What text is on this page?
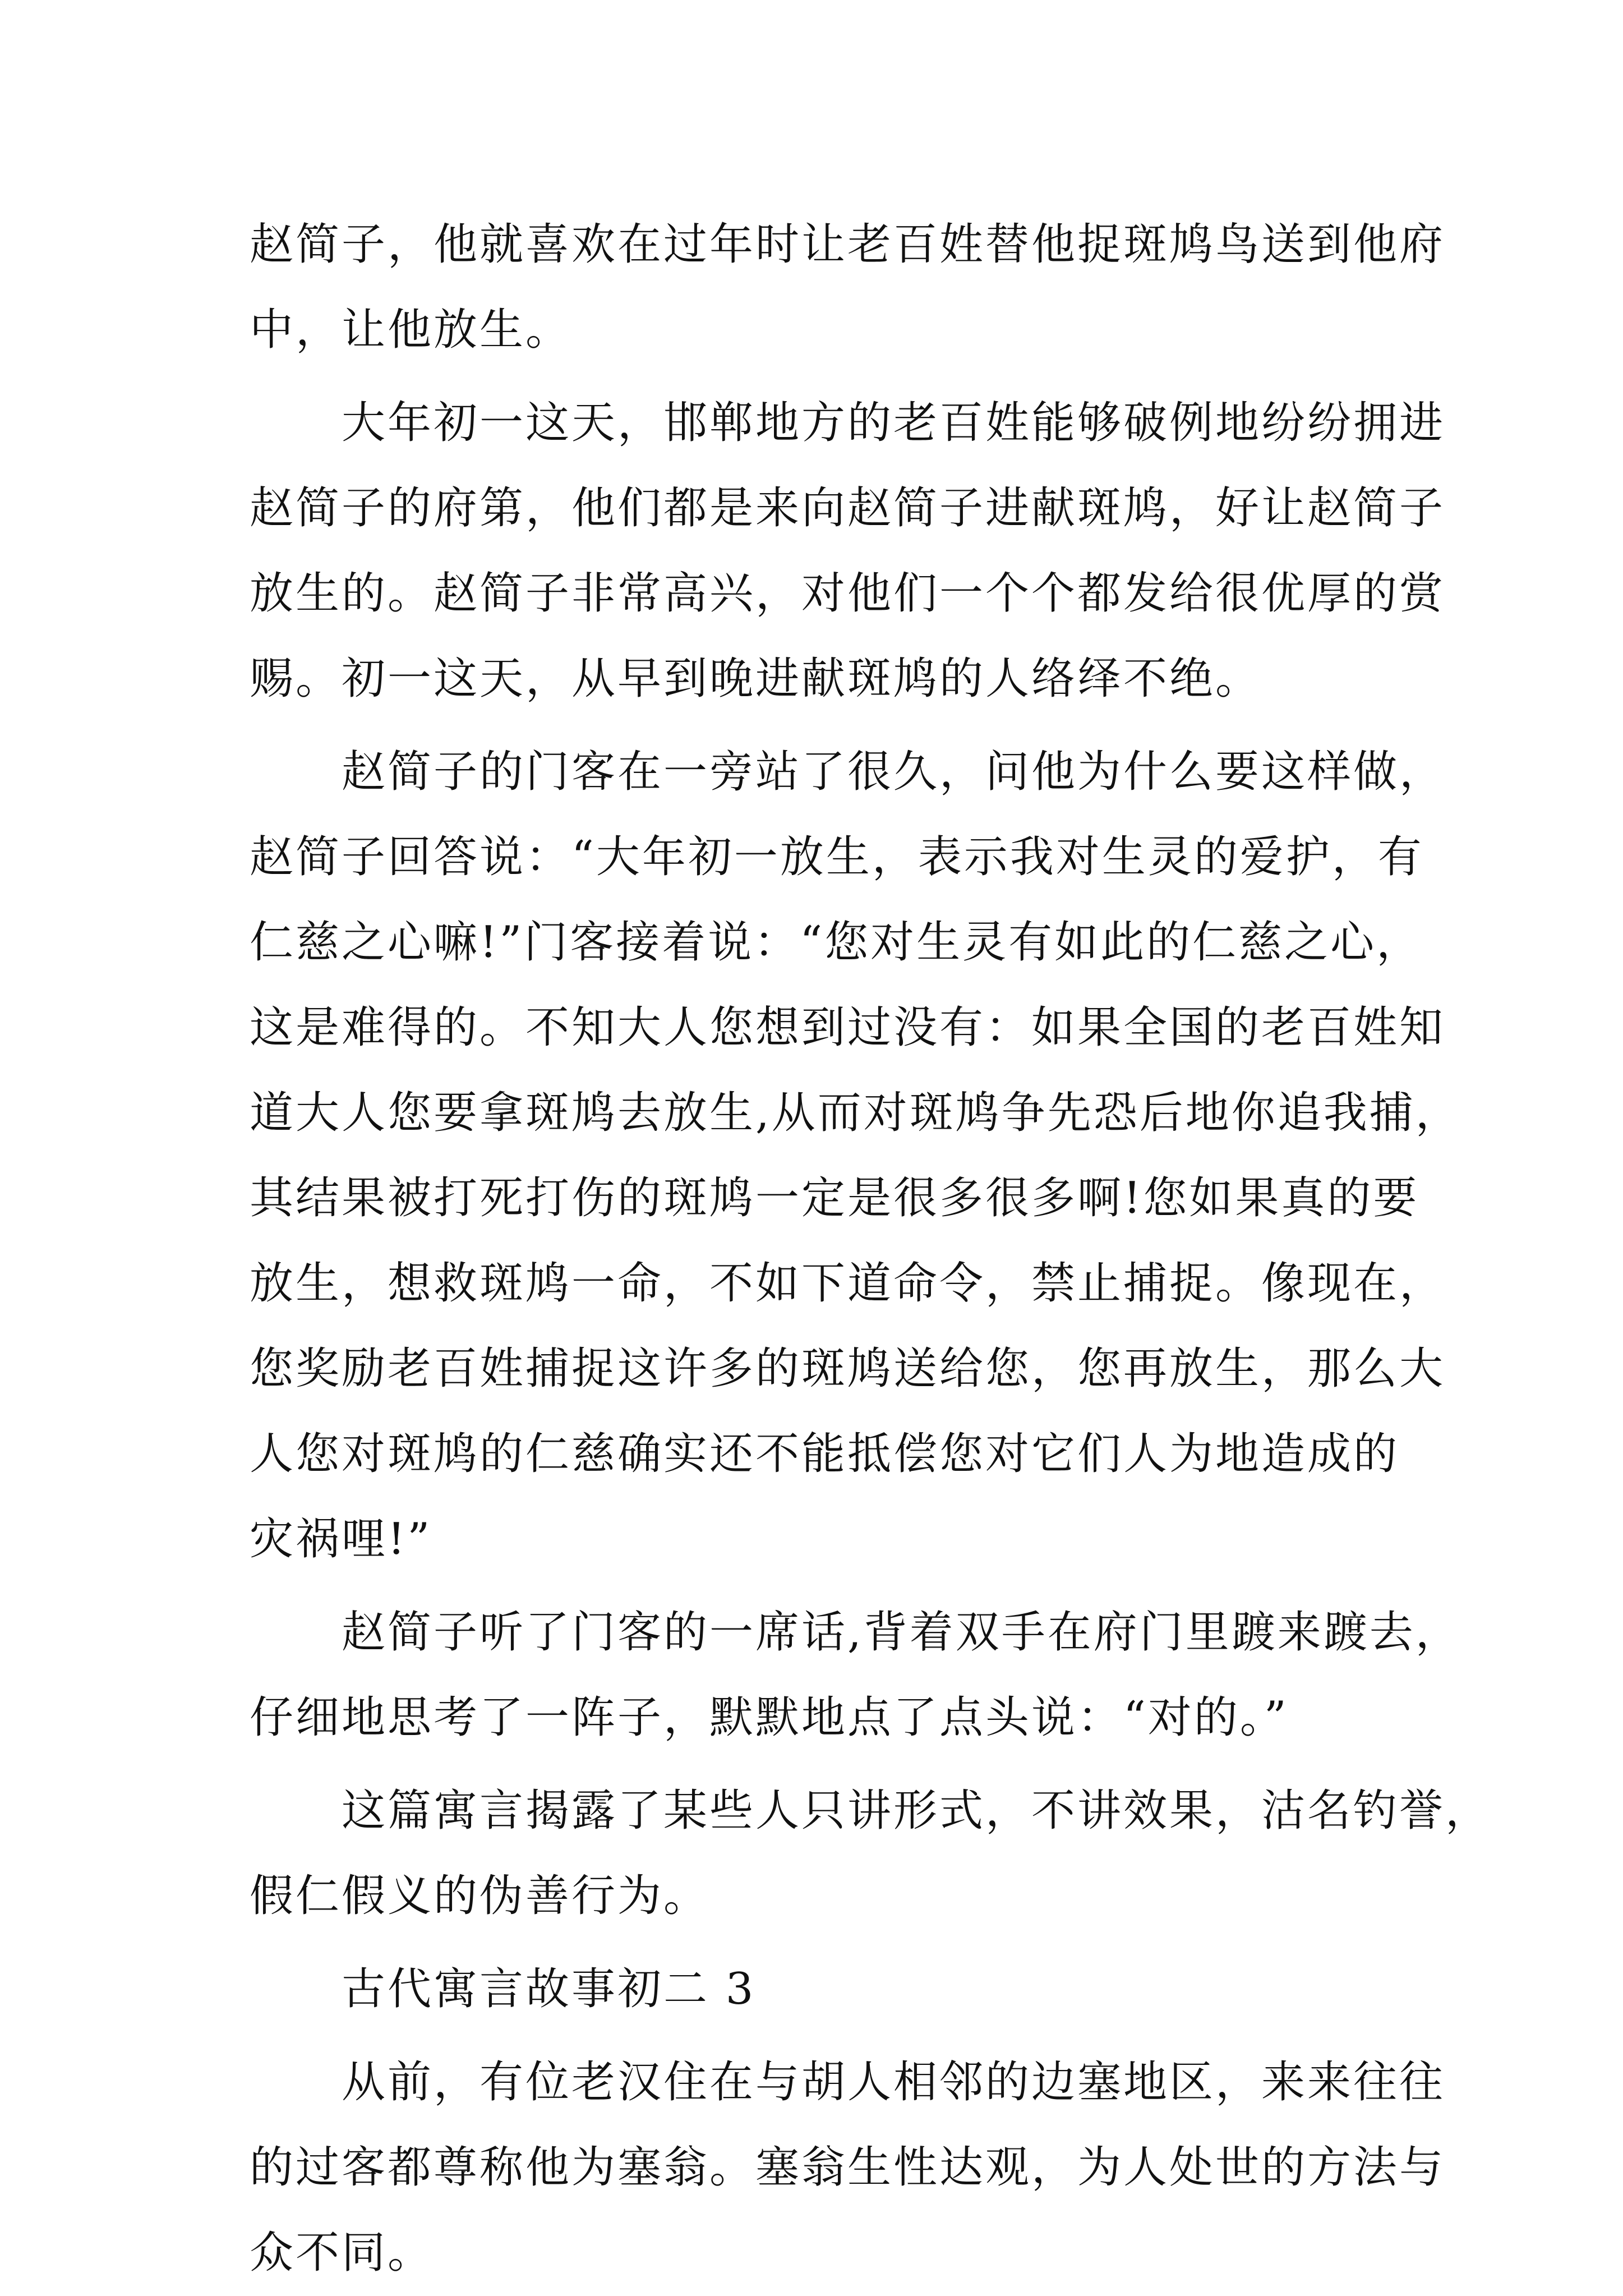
赵简子，他就喜欢在过年时让老百姓替他捉斑鸠鸟送到他府
中，让他放生。
大年初一这天，邯郸地方的老百姓能够破例地纷纷拥进
赵简子的府第，他们都是来向赵简子进献斑鸠，好让赵简子
放生的。赵简子非常高兴，对他们一个个都发给很优厚的赏
赐。初一这天，从早到晚进献斑鸠的人络绎不绝。
赵简子的门客在一旁站了很久，问他为什么要这样做，
赵简子回答说：“大年初一放生，表示我对生灵的爱护，有
仁慈之心嘛!”门客接着说：“您对生灵有如此的仁慈之心，
这是难得的。不知大人您想到过没有：如果全国的老百姓知
道大人您要拿斑鸠去放生,从而对斑鸠争先恐后地你追我捕，
其结果被打死打伤的斑鸠一定是很多很多啊!您如果真的要
放生，想救斑鸠一命，不如下道命令，禁止捕捉。像现在，
您奖励老百姓捕捉这许多的斑鸠送给您，您再放生，那么大
人您对斑鸠的仁慈确实还不能抵偿您对它们人为地造成的
灾祸哩!”
赵简子听了门客的一席话,背着双手在府门里踱来踱去，
仔细地思考了一阵子，默默地点了点头说：“对的。”
这篇寓言揭露了某些人只讲形式，不讲效果，沽名钓誉，
假仁假义的伪善行为。
古代寓言故事初二 3
从前，有位老汉住在与胡人相邻的边塞地区，来来往往
的过客都尊称他为塞翁。塞翁生性达观，为人处世的方法与
众不同。
